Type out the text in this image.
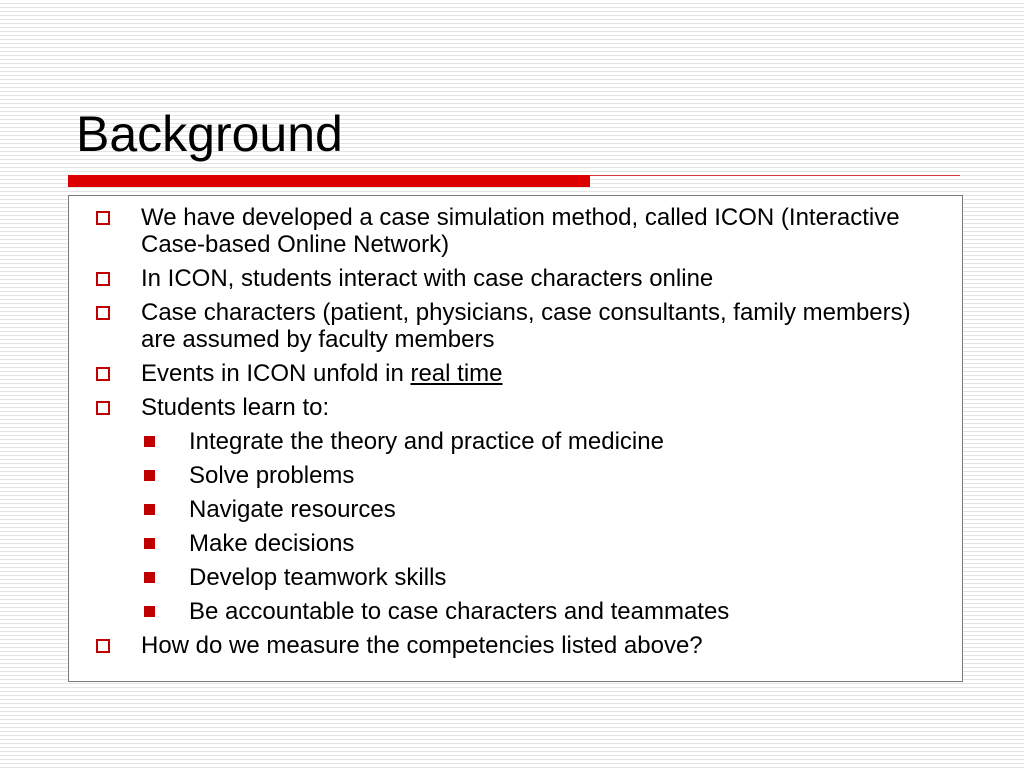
Background
We have developed a case simulation method, called ICON (Interactive Case-based Online Network)
In ICON, students interact with case characters online
Case characters (patient, physicians, case consultants, family members) are assumed by faculty members
Events in ICON unfold in real time
Students learn to:
Integrate the theory and practice of medicine
Solve problems
Navigate resources
Make decisions
Develop teamwork skills
Be accountable to case characters and teammates
How do we measure the competencies listed above?
